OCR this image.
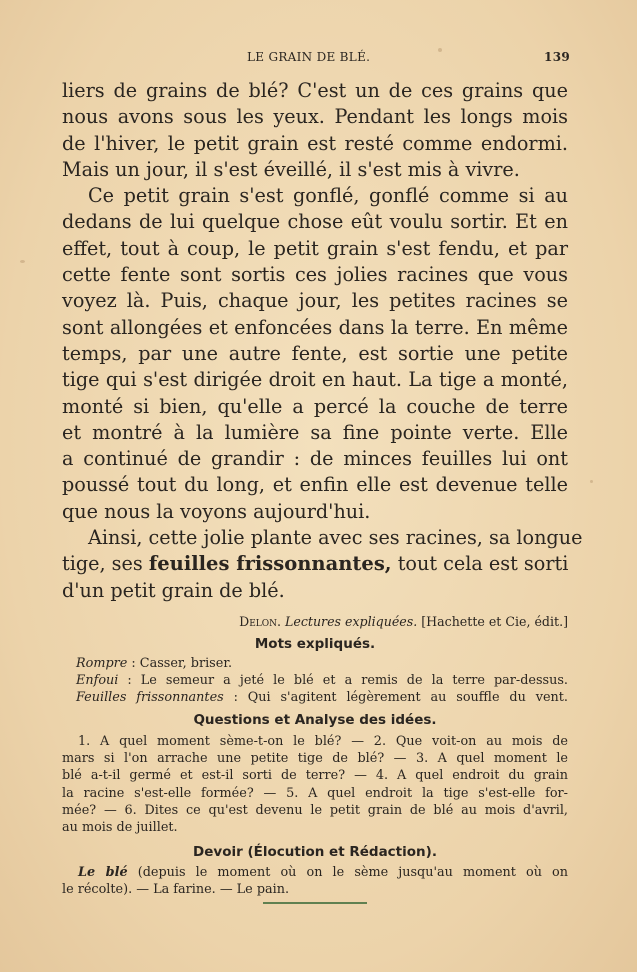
LE GRAIN DE BLÉ.	139
liers de grains de blé? C'est un de ces grains que
nous avons sous les yeux. Pendant les longs mois
de l'hiver, le petit grain est resté comme endormi.
Mais un jour, il s'est éveillé, il s'est mis à vivre.
Ce petit grain s'est gonflé, gonflé comme si au
dedans de lui quelque chose eût voulu sortir. Et en
effet, tout à coup, le petit grain s'est fendu, et par
cette fente sont sortis ces jolies racines que vous
voyez là. Puis, chaque jour, les petites racines se
sont allongées et enfoncées dans la terre. En même
temps, par une autre fente, est sortie une petite
tige qui s'est dirigée droit en haut. La tige a monté,
monté si bien, qu'elle a percé la couche de terre
et montré à la lumière sa fine pointe verte. Elle
a continué de grandir : de minces feuilles lui ont
poussé tout du long, et enfin elle est devenue telle
que nous la voyons aujourd'hui.
Ainsi, cette jolie plante avec ses racines, sa longue
tige, ses feuilles frissonnantes, tout cela est sorti
d'un petit grain de blé.
Delon. Lectures expliquées. [Hachette et Cie, édit.]
Mots expliqués.
Rompre : Casser, briser.
Enfoui : Le semeur a jeté le blé et a remis de la terre par-dessus.
Feuilles frissonnantes : Qui s'agitent légèrement au souffle du vent.
Questions et Analyse des idées.
1. A quel moment sème-t-on le blé? — 2. Que voit-on au mois de
mars si l'on arrache une petite tige de blé? — 3. A quel moment le
blé a-t-il germé et est-il sorti de terre? — 4. A quel endroit du grain
la racine s'est-elle formée? — 5. A quel endroit la tige s'est-elle for-
mée? — 6. Dites ce qu'est devenu le petit grain de blé au mois d'avril,
au mois de juillet.
Devoir (Élocution et Rédaction).
Le blé (depuis le moment où on le sème jusqu'au moment où on
le récolte). — La farine. — Le pain.
